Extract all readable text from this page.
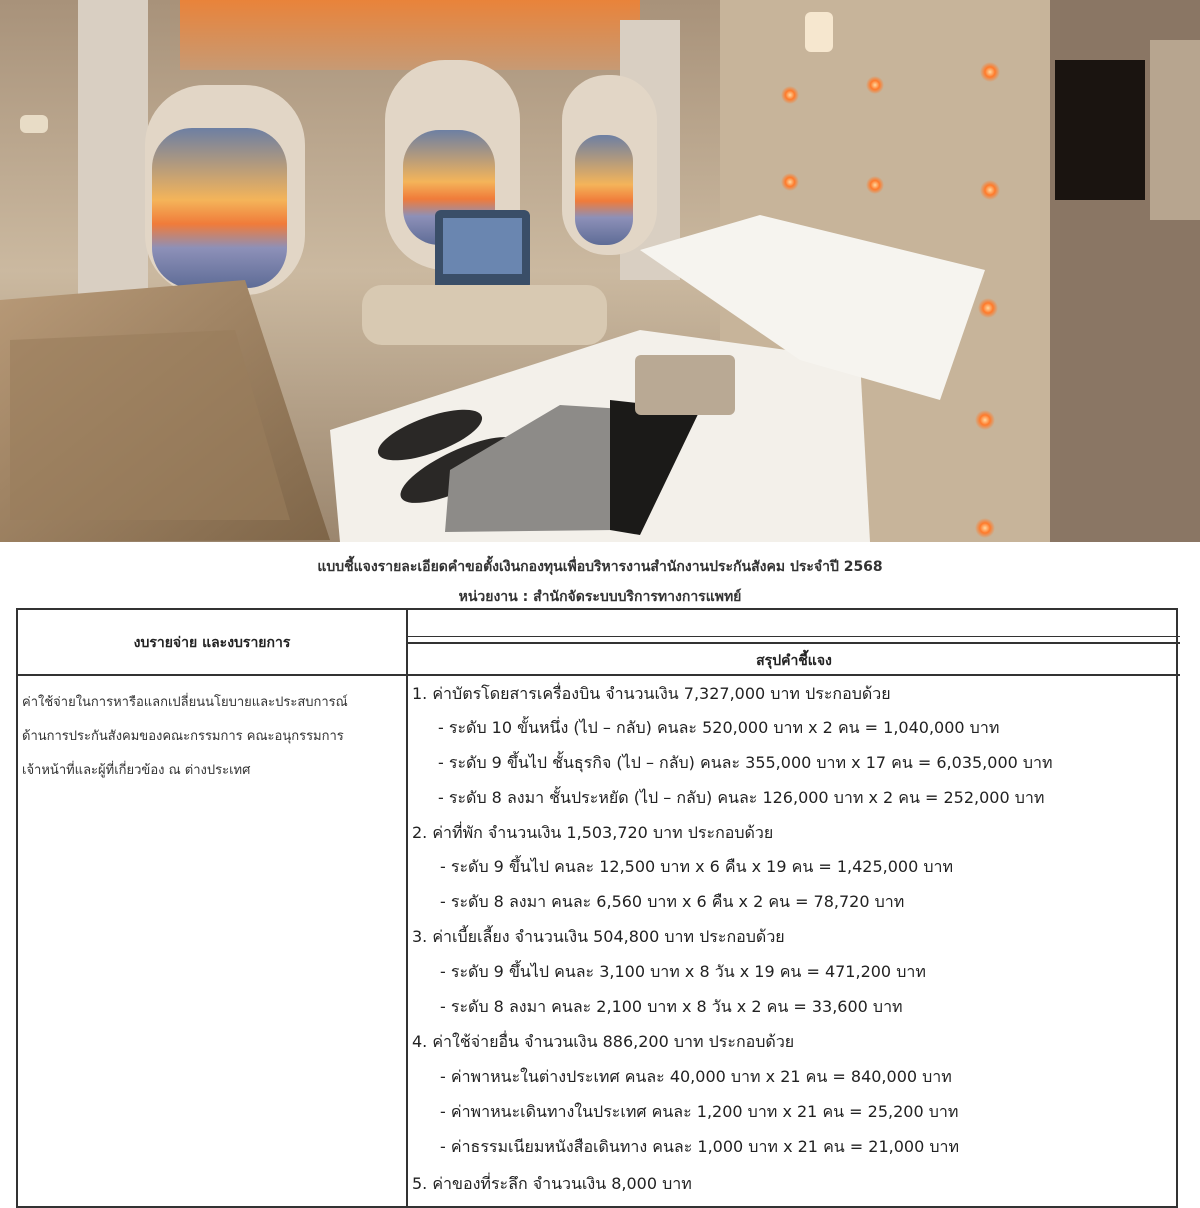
แบบชี้แจงรายละเอียดคำขอตั้งเงินกองทุนเพื่อบริหารงานสำนักงานประกันสังคม ประจำปี 2568
หน่วยงาน : สำนักจัดระบบบริการทางการแพทย์
งบรายจ่าย และงบรายการ
สรุปคำชี้แจง
ค่าใช้จ่ายในการหารือแลกเปลี่ยนนโยบายและประสบการณ์
ด้านการประกันสังคมของคณะกรรมการ คณะอนุกรรมการ
เจ้าหน้าที่และผู้ที่เกี่ยวข้อง ณ ต่างประเทศ
1. ค่าบัตรโดยสารเครื่องบิน จำนวนเงิน 7,327,000 บาท ประกอบด้วย
- ระดับ 10 ขั้นหนึ่ง (ไป – กลับ) คนละ 520,000 บาท x 2 คน = 1,040,000 บาท
- ระดับ 9 ขึ้นไป ชั้นธุรกิจ (ไป – กลับ) คนละ 355,000 บาท x 17 คน = 6,035,000 บาท
- ระดับ 8 ลงมา ชั้นประหยัด (ไป – กลับ) คนละ 126,000 บาท x 2 คน = 252,000 บาท
2. ค่าที่พัก จำนวนเงิน 1,503,720 บาท ประกอบด้วย
- ระดับ 9 ขึ้นไป คนละ 12,500 บาท x 6 คืน x 19 คน = 1,425,000 บาท
- ระดับ 8 ลงมา คนละ 6,560 บาท x 6 คืน x 2 คน = 78,720 บาท
3. ค่าเบี้ยเลี้ยง จำนวนเงิน 504,800 บาท ประกอบด้วย
- ระดับ 9 ขึ้นไป คนละ 3,100 บาท x 8 วัน x 19 คน = 471,200 บาท
- ระดับ 8 ลงมา คนละ 2,100 บาท x 8 วัน x 2 คน = 33,600 บาท
4. ค่าใช้จ่ายอื่น จำนวนเงิน 886,200 บาท ประกอบด้วย
- ค่าพาหนะในต่างประเทศ คนละ 40,000 บาท x 21 คน = 840,000 บาท
- ค่าพาหนะเดินทางในประเทศ คนละ 1,200 บาท x 21 คน = 25,200 บาท
- ค่าธรรมเนียมหนังสือเดินทาง คนละ 1,000 บาท x 21 คน = 21,000 บาท
5. ค่าของที่ระลึก จำนวนเงิน 8,000 บาท
